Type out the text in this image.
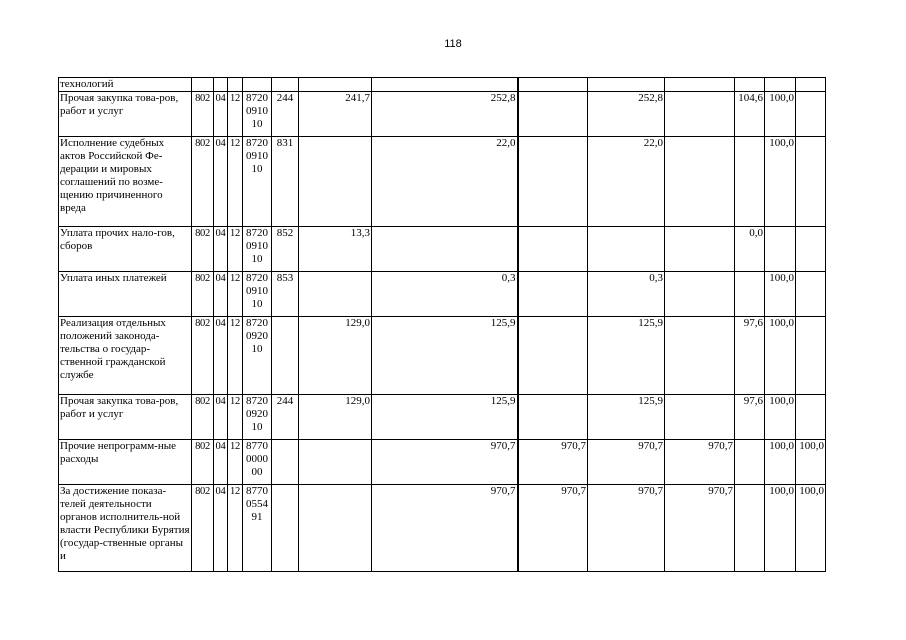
118
технологий													
Прочая закупка това-ров, работ и услуг	802	04	12	8720
0910
10	244	241,7	252,8		252,8		104,6	100,0	
Исполнение судебных актов Российской Фе-дерации и мировых соглашений по возме-щению причиненного вреда	802	04	12	8720
0910
10	831		22,0		22,0			100,0	
Уплата прочих нало-гов, сборов	802	04	12	8720
0910
10	852	13,3					0,0		
Уплата иных платежей	802	04	12	8720
0910
10	853		0,3		0,3			100,0	
Реализация отдельных положений законода-тельства о государ-ственной гражданской службе	802	04	12	8720
0920
10		129,0	125,9		125,9		97,6	100,0	
Прочая закупка това-ров, работ и услуг	802	04	12	8720
0920
10	244	129,0	125,9		125,9		97,6	100,0	
Прочие непрограмм-ные расходы	802	04	12	8770
0000
00			970,7	970,7	970,7	970,7		100,0	100,0
За достижение показа-телей деятельности органов исполнитель-ной власти Республики Бурятия (государ-ственные органы и	802	04	12	8770
0554
91			970,7	970,7	970,7	970,7		100,0	100,0
